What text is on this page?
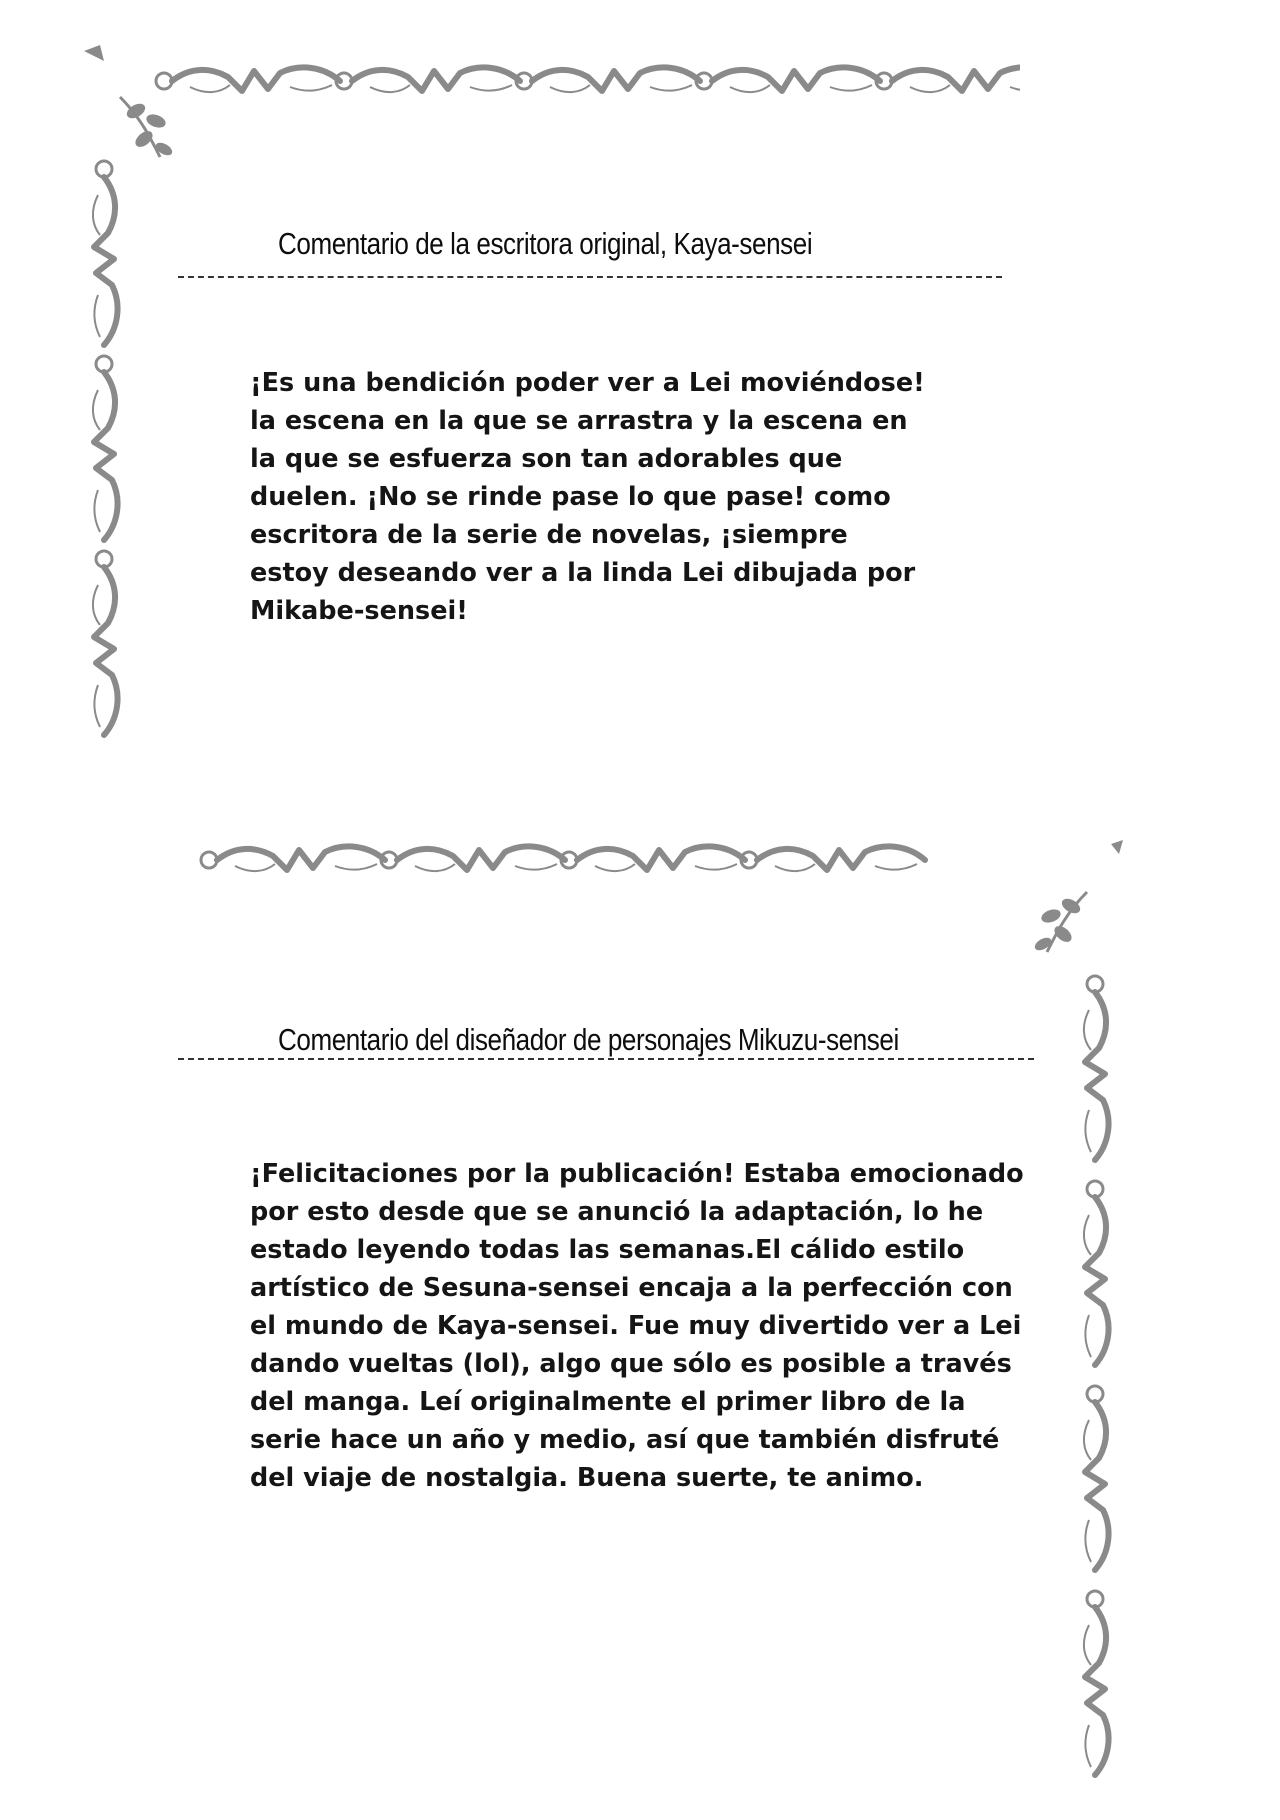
Comentario de la escritora original, Kaya-sensei
¡Es una bendición poder ver a Lei moviéndose!
la escena en la que se arrastra y la escena en
la que se esfuerza son tan adorables que
duelen. ¡No se rinde pase lo que pase! como
escritora de la serie de novelas, ¡siempre
estoy deseando ver a la linda Lei dibujada por
Mikabe-sensei!
Comentario del diseñador de personajes Mikuzu-sensei
¡Felicitaciones por la publicación! Estaba emocionado
por esto desde que se anunció la adaptación, lo he
estado leyendo todas las semanas.El cálido estilo
artístico de Sesuna-sensei encaja a la perfección con
el mundo de Kaya-sensei. Fue muy divertido ver a Lei
dando vueltas (lol), algo que sólo es posible a través
del manga. Leí originalmente el primer libro de la
serie hace un año y medio, así que también disfruté
del viaje de nostalgia. Buena suerte, te animo.
